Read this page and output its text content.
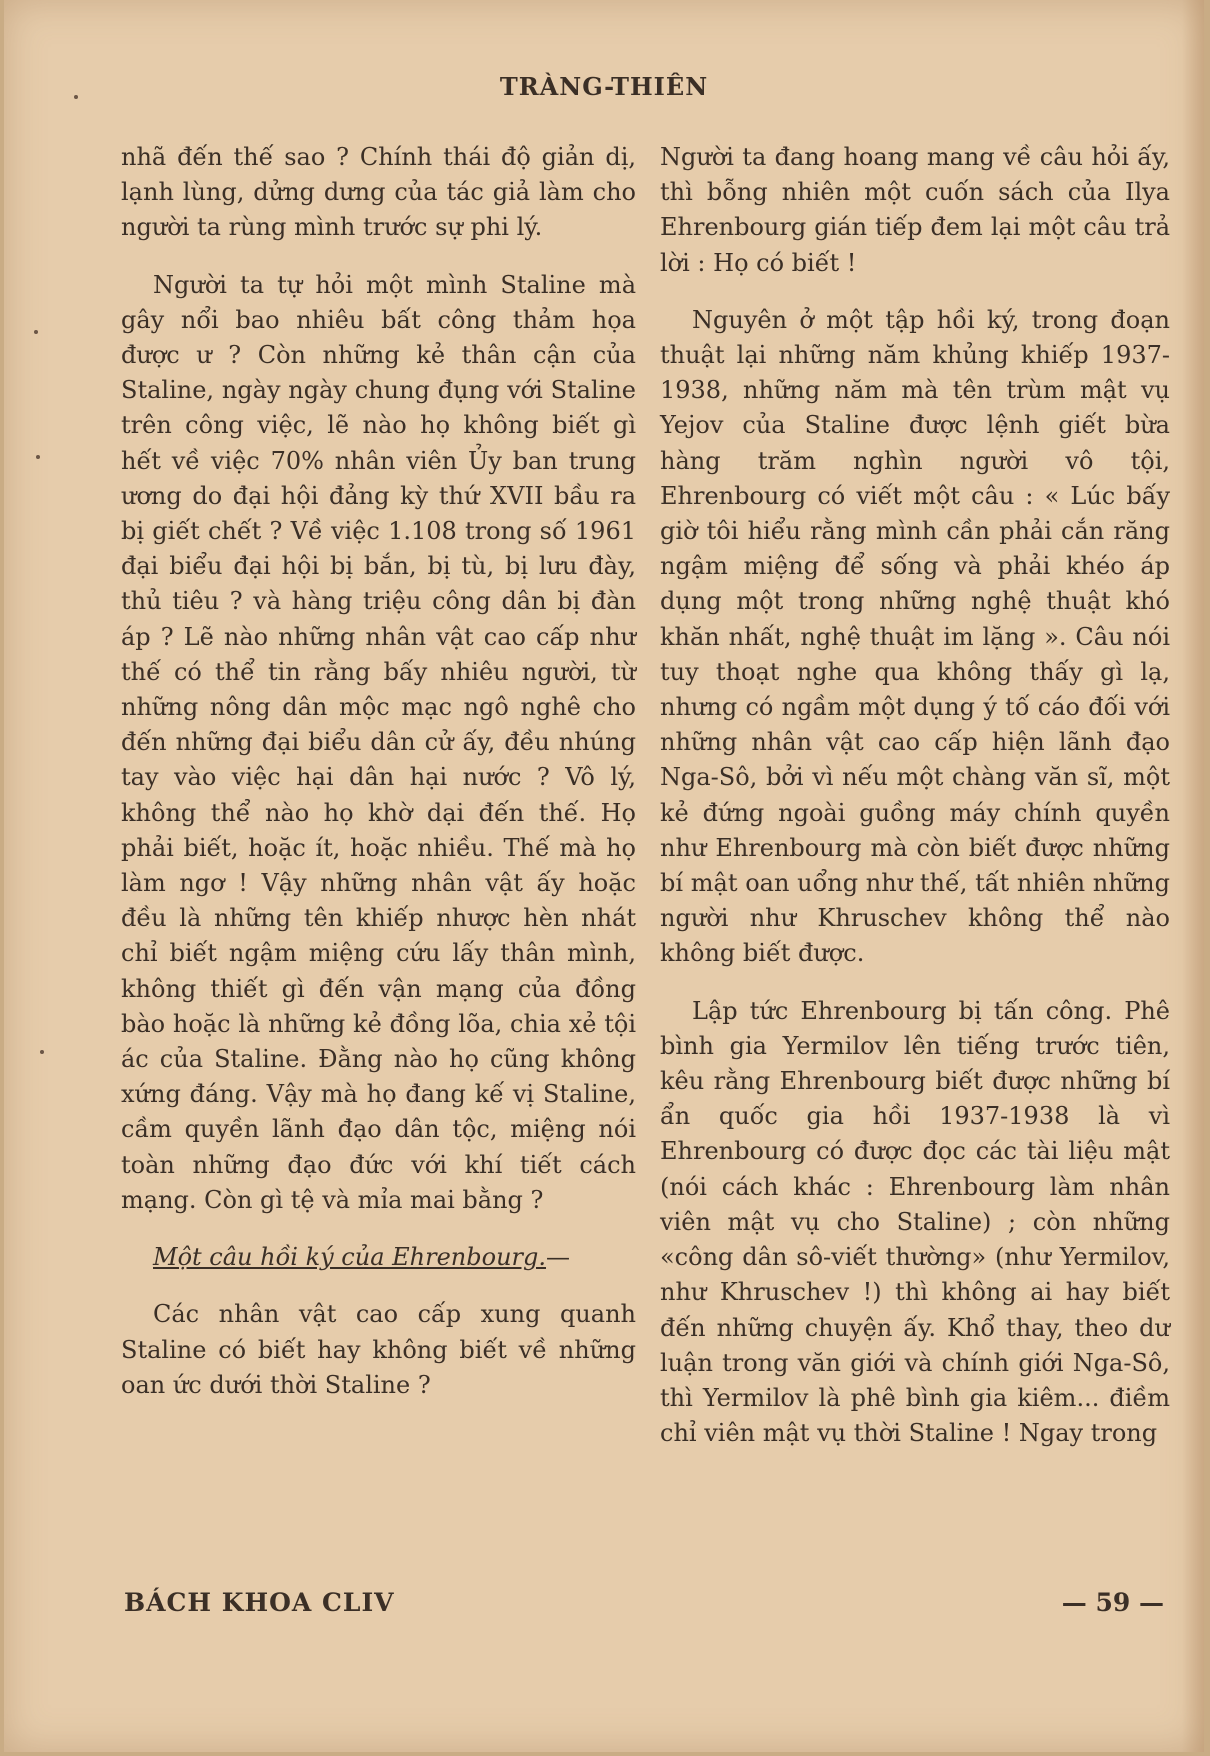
TRÀNG-THIÊN

nhã đến thế sao ? Chính thái độ giản dị, lạnh lùng, dửng dưng của tác giả làm cho người ta rùng mình trước sự phi lý.

Người ta tự hỏi một mình Staline mà gây nổi bao nhiêu bất công thảm họa được ư ? Còn những kẻ thân cận của Staline, ngày ngày chung đụng với Staline trên công việc, lẽ nào họ không biết gì hết về việc 70% nhân viên Ủy ban trung ương do đại hội đảng kỳ thứ XVII bầu ra bị giết chết ? Về việc 1.108 trong số 1961 đại biểu đại hội bị bắn, bị tù, bị lưu đày, thủ tiêu ? và hàng triệu công dân bị đàn áp ? Lẽ nào những nhân vật cao cấp như thế có thể tin rằng bấy nhiêu người, từ những nông dân mộc mạc ngô nghê cho đến những đại biểu dân cử ấy, đều nhúng tay vào việc hại dân hại nước ? Vô lý, không thể nào họ khờ dại đến thế. Họ phải biết, hoặc ít, hoặc nhiều. Thế mà họ làm ngơ ! Vậy những nhân vật ấy hoặc đều là những tên khiếp nhược hèn nhát chỉ biết ngậm miệng cứu lấy thân mình, không thiết gì đến vận mạng của đồng bào hoặc là những kẻ đồng lõa, chia xẻ tội ác của Staline. Đằng nào họ cũng không xứng đáng. Vậy mà họ đang kế vị Staline, cầm quyền lãnh đạo dân tộc, miệng nói toàn những đạo đức với khí tiết cách mạng. Còn gì tệ và mỉa mai bằng ?

Một câu hồi ký của Ehrenbourg.—

Các nhân vật cao cấp xung quanh Staline có biết hay không biết về những oan ức dưới thời Staline ?

Người ta đang hoang mang về câu hỏi ấy, thì bỗng nhiên một cuốn sách của Ilya Ehrenbourg gián tiếp đem lại một câu trả lời : Họ có biết !

Nguyên ở một tập hồi ký, trong đoạn thuật lại những năm khủng khiếp 1937-1938, những năm mà tên trùm mật vụ Yejov của Staline được lệnh giết bừa hàng trăm nghìn người vô tội, Ehrenbourg có viết một câu : « Lúc bấy giờ tôi hiểu rằng mình cần phải cắn răng ngậm miệng để sống và phải khéo áp dụng một trong những nghệ thuật khó khăn nhất, nghệ thuật im lặng ». Câu nói tuy thoạt nghe qua không thấy gì lạ, nhưng có ngầm một dụng ý tố cáo đối với những nhân vật cao cấp hiện lãnh đạo Nga-Sô, bởi vì nếu một chàng văn sĩ, một kẻ đứng ngoài guồng máy chính quyền như Ehrenbourg mà còn biết được những bí mật oan uổng như thế, tất nhiên những người như Khruschev không thể nào không biết được.

Lập tức Ehrenbourg bị tấn công. Phê bình gia Yermilov lên tiếng trước tiên, kêu rằng Ehrenbourg biết được những bí ẩn quốc gia hồi 1937-1938 là vì Ehrenbourg có được đọc các tài liệu mật (nói cách khác : Ehrenbourg làm nhân viên mật vụ cho Staline) ; còn những «công dân sô-viết thường» (như Yermilov, như Khruschev !) thì không ai hay biết đến những chuyện ấy. Khổ thay, theo dư luận trong văn giới và chính giới Nga-Sô, thì Yermilov là phê bình gia kiêm... điềm chỉ viên mật vụ thời Staline ! Ngay trong

BÁCH KHOA CLIV	— 59 —
